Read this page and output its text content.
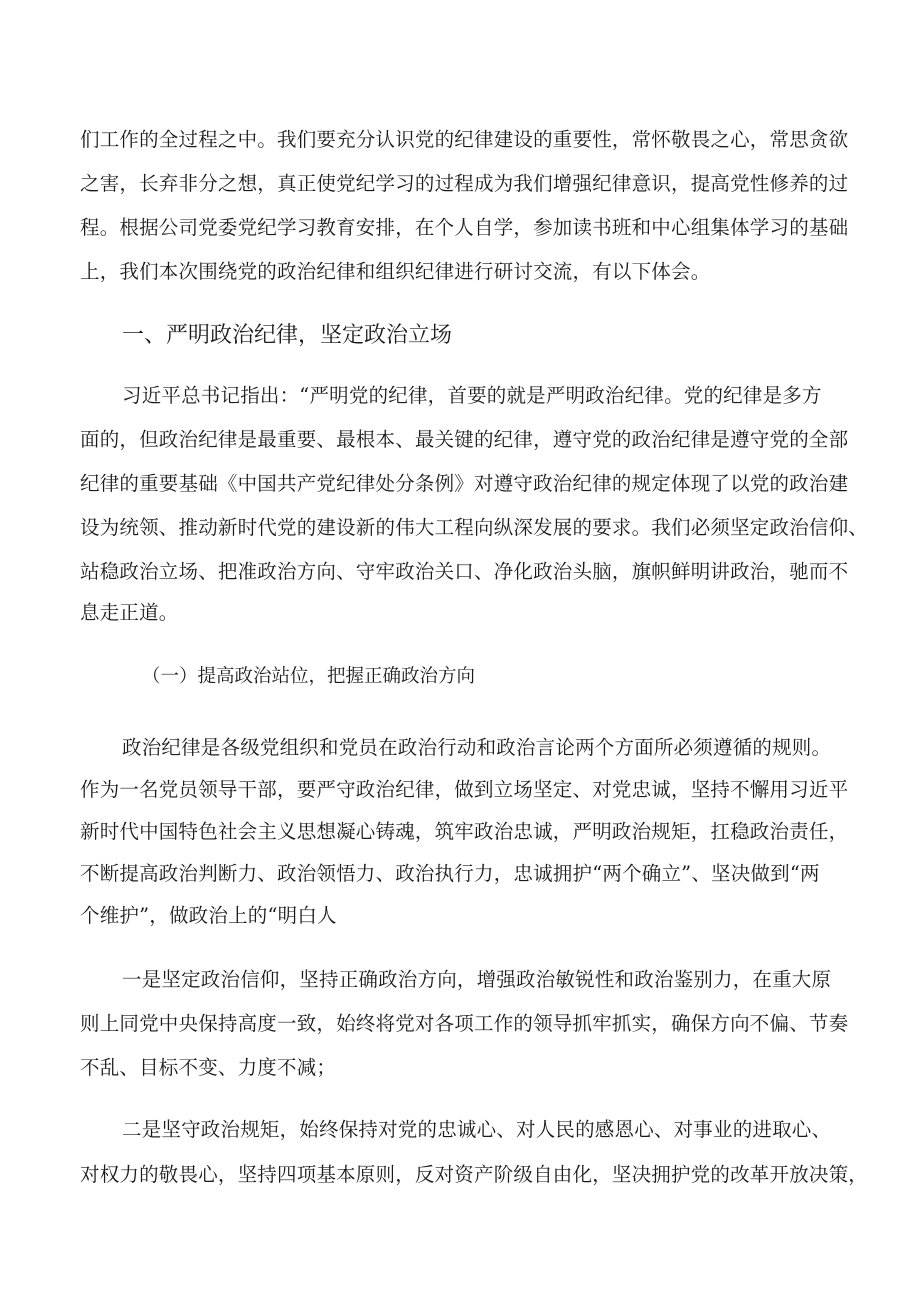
们工作的全过程之中。我们要充分认识党的纪律建设的重要性，常怀敬畏之心，常思贪欲
之害，长弃非分之想，真正使党纪学习的过程成为我们增强纪律意识，提高党性修养的过
程。根据公司党委党纪学习教育安排，在个人自学，参加读书班和中心组集体学习的基础
上，我们本次围绕党的政治纪律和组织纪律进行研讨交流，有以下体会。
一、严明政治纪律，坚定政治立场
习近平总书记指出：“严明党的纪律，首要的就是严明政治纪律。党的纪律是多方
面的，但政治纪律是最重要、最根本、最关键的纪律，遵守党的政治纪律是遵守党的全部
纪律的重要基础《中国共产党纪律处分条例》对遵守政治纪律的规定体现了以党的政治建
设为统领、推动新时代党的建设新的伟大工程向纵深发展的要求。我们必须坚定政治信仰、
站稳政治立场、把准政治方向、守牢政治关口、净化政治头脑，旗帜鲜明讲政治，驰而不
息走正道。
（一）提高政治站位，把握正确政治方向
政治纪律是各级党组织和党员在政治行动和政治言论两个方面所必须遵循的规则。
作为一名党员领导干部，要严守政治纪律，做到立场坚定、对党忠诚，坚持不懈用习近平
新时代中国特色社会主义思想凝心铸魂，筑牢政治忠诚，严明政治规矩，扛稳政治责任，
不断提高政治判断力、政治领悟力、政治执行力，忠诚拥护“两个确立”、坚决做到“两
个维护”，做政治上的“明白人
一是坚定政治信仰，坚持正确政治方向，增强政治敏锐性和政治鉴别力，在重大原
则上同党中央保持高度一致，始终将党对各项工作的领导抓牢抓实，确保方向不偏、节奏
不乱、目标不变、力度不减；
二是坚守政治规矩，始终保持对党的忠诚心、对人民的感恩心、对事业的进取心、
对权力的敬畏心，坚持四项基本原则，反对资产阶级自由化，坚决拥护党的改革开放决策，
